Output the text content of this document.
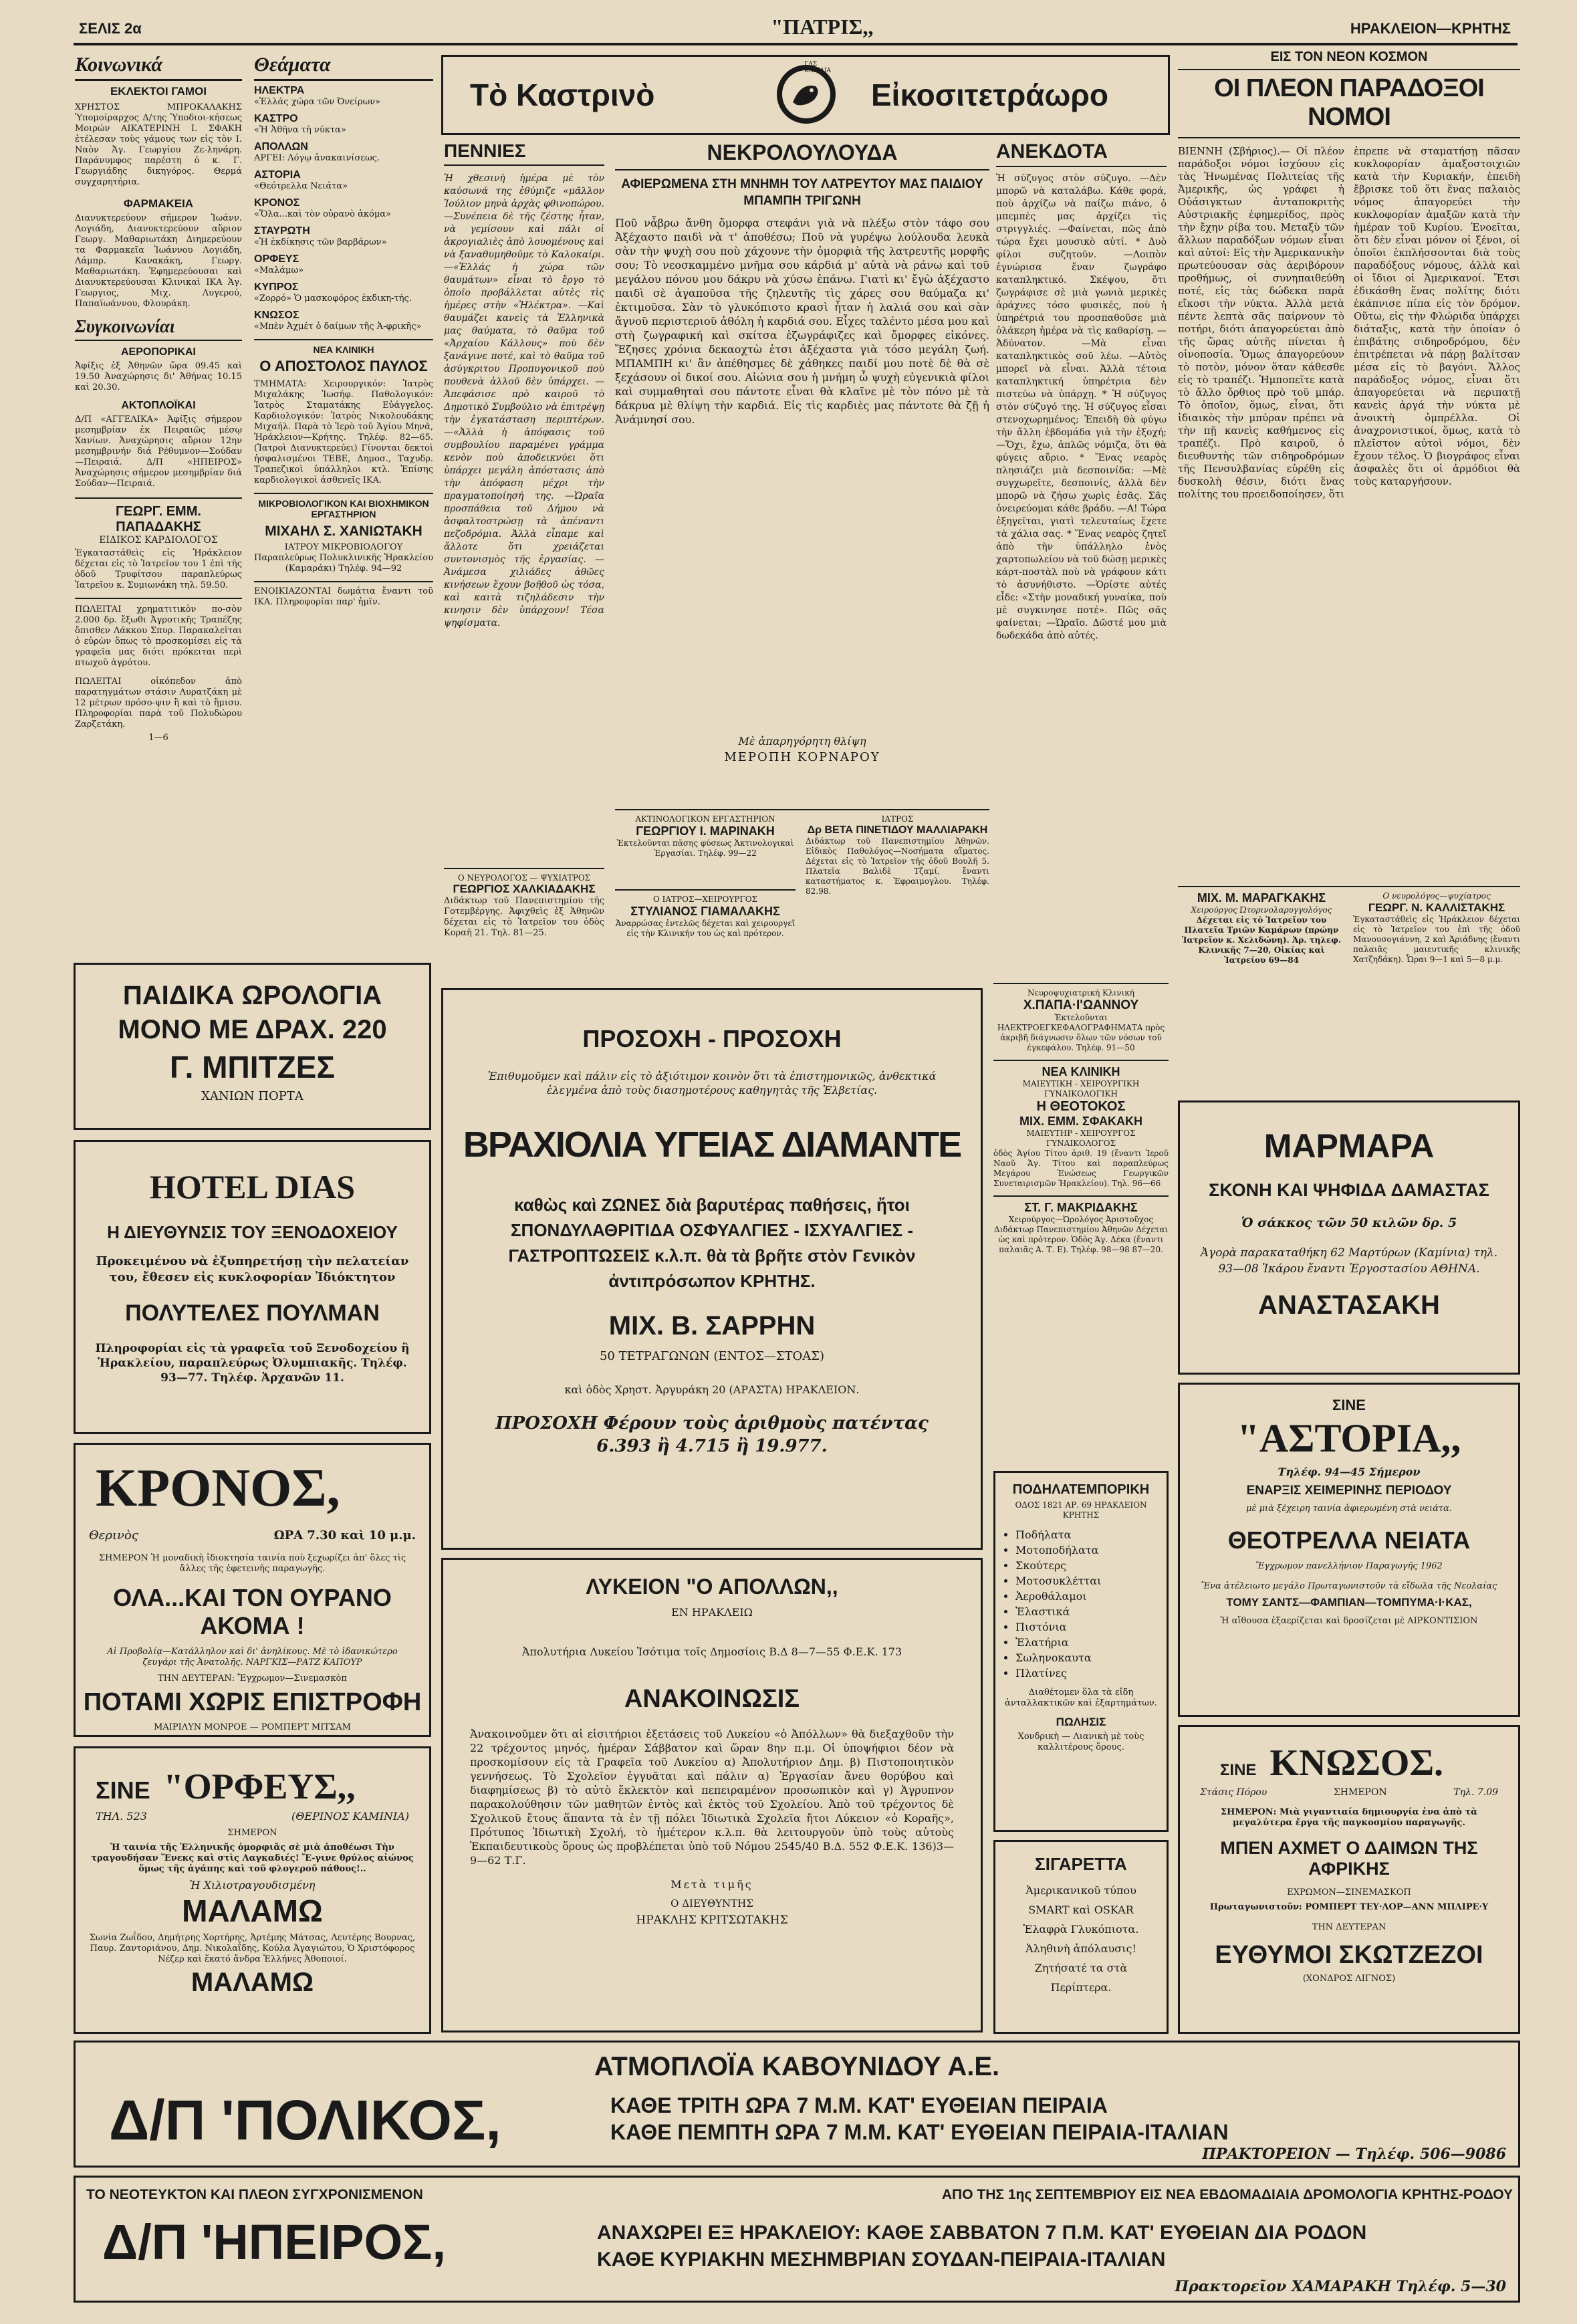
ΣΕΛΙΣ 2α	"ΠΑΤΡΙΣ,,	ΗΡΑΚΛΕΙΟΝ—ΚΡΗΤΗΣ
Κοινωνικά
ΕΚΛΕΚΤΟΙ ΓΑΜΟΙ
ΧΡΗΣΤΟΣ ΜΠΡΟΚΑΛΑΚΗΣ Ὑπομοίραρχος Δ/της Ὑποδιοι-κήσεως Μοιρών ΑΙΚΑΤΕΡΙΝΗ Ι. ΣΦΑΚΗ ἐτέλεσαν τοὺς γάμους των εἰς τὸν Ι. Ναὸν Ἁγ. Γεωργίου Ζε-ληνάρη. Παράνυμφος παρέστη ὁ κ. Γ. Γεωργιάδης δικηγόρος. Θερμά συγχαρητήρια.
ΦΑΡΜΑΚΕΙΑ
Διανυκτερεύουν σήμερον Ἰωάνν. Λογιάδη, Διανυκτερεύουν αὔριον Γεωργ. Μαθαριωτάκη Διημερεύουν τα Φαρμακεῖα Ἰωάννου Λογιάδη, Λάμπρ. Κανακάκη, Γεωργ. Μαθαριωτάκη. Ἐφημερεύουσαι καὶ Διανυκτερεύουσαι Κλινικαὶ ΙΚΑ Ἁγ. Γεωργιος, Μιχ. Λυγερού, Παπαϊωάννου, Φλουράκη.
Συγκοινωνίαι
ΑΕΡΟΠΟΡΙΚΑΙ
Ἀφίξις ἐξ Ἀθηνῶν ὥρα 09.45 καὶ 19.50 Ἀναχώρησις δι' Ἀθήνας 10.15 καὶ 20.30.
ΑΚΤΟΠΛΟΪΚΑΙ
Δ/Π «ΑΓΓΕΛΙΚΑ» Ἀφίξις σήμερον μεσημβρίαν ἐκ Πειραιῶς μέσῳ Χανίων. Ἀναχώρησις αὔριον 12ην μεσημβρινήν διά Ρέθυμνον—Σούδαν—Πειραιά. Δ/Π «ΗΠΕΙΡΟΣ» Ἀναχώρησις σήμερον μεσημβρίαν διά Σούδαν—Πειραιά.
ΓΕΩΡΓ. ΕΜΜ. ΠΑΠΑΔΑΚΗΣ
ΕΙΔΙΚΟΣ ΚΑΡΔΙΟΛΟΓΟΣ
Ἐγκαταστάθεὶς εἰς Ἡράκλειον δέχεται εἰς τὸ Ἰατρεῖον του 1 ἐπὶ τῆς ὁδοῦ Τρυφίτσου παραπλεύρως Ἰατρεῖου κ. Συμιωνάκη τηλ. 59.50.
ΠΩΛΕΙΤΑΙ χρηματιτικὸν πο-σὸν 2.000 δρ. ἔξωθι Ἀγροτικῆς Τραπέζης ὅπισθεν Λάκκου Σπυρ. Παρακαλεῖται ὁ εὑρὼν ὅπως τὸ προσκομίσει εἰς τὰ γραφεῖα μας διότι πρόκειται περὶ πτωχοῦ ἀγρότου.
ΠΩΛΕΙΤΑΙ οἰκόπεδον ἀπὸ παρατηγμάτων στάσιν Λυρατζάκη μὲ 12 μέτρων πρόσο-ψιν ἢ καὶ τὸ ἥμισυ. Πληροφορίαι παρὰ τοῦ Πολυδώρου Ζαρζετάκη.
1—6
Θεάματα
ΗΛΕΚΤΡΑ
«Ἐλλάς χώρα τῶν Ὀνείρων»
ΚΑΣΤΡΟ
«Ἡ Ἀθῆνα τὴ νύκτα»
ΑΠΟΛΛΩΝ
ΑΡΓΕΙ: Λόγῳ ἀνακαινίσεως.
ΑΣΤΟΡΙΑ
«Θεότρελλα Νειάτα»
ΚΡΟΝΟΣ
«Ὅλα...καὶ τὸν οὐρανὸ ἀκόμα»
ΣΤΑΥΡΩΤΗ
«Ἡ ἐκδίκησις τῶν βαρβάρων»
ΟΡΦΕΥΣ
«Μαλάμω»
ΚΥΠΡΟΣ
«Ζορρό» Ὁ μασκοφόρος ἐκδικη-τής.
ΚΝΩΣΟΣ
«Μπὲν Ἀχμέτ ὁ δαίμων τῆς Ἀ-φρικῆς»
ΝΕΑ ΚΛΙΝΙΚΗ
Ο ΑΠΟΣΤΟΛΟΣ ΠΑΥΛΟΣ
ΤΜΗΜΑΤΑ: Χειρουργικόν: Ἰατρὸς Μιχαλάκης Ἰωσήφ. Παθολογικόν: Ἰατρὸς Σταματάκης Εὐάγγελος. Καρδιολογικόν: Ἰατρὸς Νικολουδάκης Μιχαήλ. Παρὰ τὸ Ἱερὸ τοῦ Ἁγίου Μηνᾶ, Ἡράκλειον—Κρήτης. Τηλέφ. 82—65. (Ἰατροὶ Διανυκτερεύει) Γίνονται δεκτοὶ ἠσφαλισμένοι ΤΕΒΕ, Δημοσ., Ταχυδρ. Τραπεζικοὶ ὑπάλληλοι κτλ. Ἐπίσης καρδιολογικοὶ ἀσθενεῖς ΙΚΑ.
ΜΙΚΡΟΒΙΟΛΟΓΙΚΟΝ ΚΑΙ ΒΙΟΧΗΜΙΚΟΝ ΕΡΓΑΣΤΗΡΙΟΝ
ΜΙΧΑΗΛ Σ. ΧΑΝΙΩΤΑΚΗ
ΙΑΤΡΟΥ ΜΙΚΡΟΒΙΟΛΟΓΟΥ Παραπλεύρως Πολυκλινικῆς Ἡρακλείου (Καμαράκι) Τηλέφ. 94—92
ΕΝΟΙΚΙΑΖΟΝΤΑΙ δωμάτια ἔναντι τοῦ ΙΚΑ. Πληροφορίαι παρ' ἡμῖν.
Τὸ Καστρινὸ
ΓΑΣ ΚΛΕΙΔΙΑ
Εἰκοσιτετράωρο
ΠΕΝΝΙΕΣ
Ἡ χθεσινὴ ἡμέρα μὲ τὸν καύσωνά της ἐθύμιζε «μᾶλλον Ἰούλιον μηνὰ ἀρχὰς φθινοπώρου. —Συνέπεια δὲ τῆς ζέστης ἦταν, νὰ γεμίσουν καὶ πάλι οἱ ἀκρογιαλιὲς ἀπὸ λουομένους καὶ νὰ ξαναθυμηθοῦμε τὸ Καλοκαίρι. —«Ἑλλάς ἡ χώρα τῶν θαυμάτων» εἶναι τὸ ἔργο τὸ ὁποῖο προβάλλεται αὐτὲς τὶς ἡμέρες στὴν «Ἠλέκτρα». —Καὶ θαυμάζει κανεὶς τὰ Ἑλληνικὰ μας θαύματα, τὸ θαῦμα τοῦ «Ἀρχαίου Κάλλους» ποὺ δὲν ξανάγινε ποτέ, καὶ τὸ θαῦμα τοῦ ἀσύγκριτου Προπυγονικοῦ ποὺ πουθενὰ ἀλλοῦ δὲν ὑπάρχει. —Ἀπεφάσισε πρὸ καιροῦ τὸ Δημοτικὸ Συμβούλιο νὰ ἐπιτρέψῃ τὴν ἐγκατάσταση περιπτέρων. —«Ἀλλὰ ἡ ἀπόφασις τοῦ συμβουλίου παραμένει γράμμα κενὸν ποὺ ἀποδεικνύει ὅτι ὑπάρχει μεγάλη ἀπόστασις ἀπὸ τὴν ἀπόφαση μέχρι τὴν πραγματοποίησή της. —Ὡραῖα προσπάθεια τοῦ Δήμου νὰ ἀσφαλτοστρώσῃ τὰ ἀπέναντι πεζοδρόμια. Ἀλλὰ εἶπαμε καὶ ἄλλοτε ὅτι χρειάζεται συντονισμὸς τῆς ἐργασίας. —Ἀνάμεσα χιλιάδες ἀθῶες κινήσεων ἔχουν βοῆθοῦ ὡς τόσα, καὶ καιτὰ τιζηλάδεσιν τὴν κινησιν δὲν ὑπάρχουν! Τέσα ψηφίσματα.
Ο ΝΕΥΡΟΛΟΓΟΣ — ΨΥΧΙΑΤΡΟΣ
ΓΕΩΡΓΙΟΣ ΧΑΛΚΙΑΔΑΚΗΣ
Διδάκτωρ τοῦ Πανεπιστημίου τῆς Γοτεμβέργης. Ἀφιχθεὶς ἐξ Ἀθηνῶν δέχεται εἰς τὸ Ἰατρεῖον του ὁδὸς Κοραῆ 21. Τηλ. 81—25.
ΝΕΚΡΟΛΟΥΛΟΥΔΑ
ΑΦΙΕΡΩΜΕΝΑ ΣΤΗ ΜΝΗΜΗ ΤΟΥ ΛΑΤΡΕΥΤΟΥ ΜΑΣ ΠΑΙΔΙΟΥ ΜΠΑΜΠΗ ΤΡΙΓΩΝΗ
Ποῦ νἆβρω ἄνθη ὄμορφα στεφάνι γιὰ νὰ πλέξω στὸν τάφο σου Ἀξέχαστο παιδὶ νὰ τ' ἀποθέσω; Ποῦ νὰ γυρέψω λούλουδα λευκὰ σὰν τὴν ψυχὴ σου ποὺ χάχουνε τὴν ὀμορφιὰ τῆς λατρευτῆς μορφῆς σου; Τὸ νεοσκαμμένο μνῆμα σου κάρδιά μ' αὐτὰ νὰ ράνω καὶ τοῦ μεγάλου πόνου μου δάκρυ νὰ χύσω ἐπάνω. Γιατὶ κι' ἔγὼ ἀξέχαστο παιδὶ σὲ ἀγαποῦσα τῆς ζηλευτῆς τὶς χάρες σου θαύμαζα κι' ἐκτιμοῦσα. Σὰν τὸ γλυκόπιοτο κρασὶ ἦταν ἡ λαλιά σου καὶ σὰν ἄγνοῦ περιστεριοῦ ἀθόλη ἡ καρδιά σου. Εἶχες ταλέντο μέσα μου καὶ στὴ ζωγραφική καὶ σκίτσα ἐζωγράφιζες καὶ ὄμορφες εἰκόνες. Ἔζησες χρόνια δεκαοχτὼ ἐτσι ἀξέχαστα γιὰ τόσο μεγάλη ζωή. ΜΠΑΜΠΗ κι' ἂν ἀπέθησμες δὲ χάθηκες παιδί μου ποτὲ δὲ θὰ σὲ ξεχάσουν οἱ δικοί σου. Αἰώνια σου ἡ μνήμη ὦ ψυχὴ εὐγενικιὰ φίλοι καὶ συμμαθηταὶ σου πάντοτε εἶναι θὰ κλαῖνε μὲ τὸν πόνο μὲ τὰ δάκρυα μὲ θλίψη τὴν καρδιά. Εἰς τὶς καρδιὲς μας πάντοτε θὰ ζῇ ἡ Ἀνάμνησί σου.
Μὲ ἀπαρηγόρητη θλίψη
ΜΕΡΟΠΗ ΚΟΡΝΑΡΟΥ
ΑΚΤΙΝΟΛΟΓΙΚΟΝ ΕΡΓΑΣΤΗΡΙΟΝ
ΓΕΩΡΓΙΟΥ Ι. ΜΑΡΙΝΑΚΗ
Ἐκτελοῦνται πᾶσης φύσεως Ἀκτινολογικαὶ Ἐργασίαι. Τηλέφ. 99—22
ΙΑΤΡΟΣ
Δρ ΒΕΤΑ ΠΙΝΕΤΙΔΟΥ ΜΑΛΛΙΑΡΑΚΗ
Διδάκτωρ τοῦ Πανεπιστημίου Ἀθηνῶν. Εἰδικὸς Παθολόγος—Νοσήματα αἵματος. Δέχεται εἰς τὸ Ἰατρεῖον τῆς ὁδοῦ Βουλῆ 5. Πλατεῖα Βαλιδὲ Τζαμί, ἔναντι καταστήματος κ. Ἐφραιμογλου. Τηλέφ. 82.98.
Ο ΙΑΤΡΟΣ—ΧΕΙΡΟΥΡΓΟΣ
ΣΤΥΛΙΑΝΟΣ ΓΙΑΜΑΛΑΚΗΣ
Ἀναρρώσας ἐντελῶς δέχεται καὶ χειρουργεῖ εἰς τὴν Κλινικήν του ὡς καὶ πρότερον.
ΑΝΕΚΔΟΤΑ
Ἡ σύζυγος στὸν σύζυγο. —Δὲν μπορῶ νὰ καταλάβω. Κάθε φορά, ποὺ ἀρχίζω νὰ παίζω πιάνο, ὁ μπεμπὲς μας ἀρχίζει τὶς στριγγλιές. —Φαίνεται, πῶς ἀπὸ τώρα ἔχει μουσικὸ αὐτί. * Δυὸ φίλοι συζητοῦν. —Λοιπὸν ἐγνώρισα ἕναν ζωγράφο καταπληκτικό. Σκέψου, ὅτι ζωγράφισε σὲ μιὰ γωνιὰ μερικὲς ἀράχνες τόσο φυσικές, ποὺ ἡ ὑπηρέτριά του προσπαθοῦσε μιὰ ὁλάκερη ἡμέρα νὰ τὶς καθαρίσῃ. —Ἀδύνατον. —Μὰ εἶναι καταπληκτικὸς σοῦ λέω. —Αὐτὸς μπορεῖ νὰ εἶναι. Ἀλλὰ τέτοια καταπληκτική ὑπηρέτρια δὲν πιστεύω νὰ ὑπάρχῃ. * Ἡ σύζυγος στὸν σύζυγό της. Ἡ σύζυγος εἶσαι στενοχωρημένος; Ἐπειδὴ θὰ φύγω τὴν ἄλλη ἑβδομάδα γιὰ τὴν ἐξοχή; —Ὄχι, ἔχω, ἁπλῶς νόμιζα, ὅτι θὰ φύγεις αὔριο. * Ἕνας νεαρὸς πλησιάζει μιὰ δεσποινίδα: —Μὲ συγχωρεῖτε, δεσποινίς, ἀλλὰ δὲν μπορῶ νὰ ζήσω χωρὶς ἐσᾶς. Σᾶς ὀνειρεύομαι κάθε βράδυ. —Α! Τώρα ἐξηγεῖται, γιατὶ τελευταίως ἔχετε τὰ χάλια σας. * Ἕνας νεαρὸς ζητεῖ ἀπὸ τὴν ὑπάλληλο ἑνὸς χαρτοπωλείου νὰ τοῦ δώσῃ μερικὲς κάρτ-ποστὰλ ποὺ νὰ γράφουν κάτι τὸ ἀσυνήθιστο. —Ὁρίστε αὐτές εἶδε: «Στὴν μοναδική γυναίκα, ποὺ μὲ συγκινησε ποτέ». Πῶς σᾶς φαίνεται; —Ὡραῖο. Δῶστέ μου μιὰ δωδεκάδα ἀπὸ αὐτές.
ΕΙΣ ΤΟΝ ΝΕΟΝ ΚΟΣΜΟΝ
ΟΙ ΠΛΕΟΝ ΠΑΡΑΔΟΞΟΙ ΝΟΜΟΙ
ΒΙΕΝΝΗ (Σβήριος).— Οἱ πλέον παράδοξοι νόμοι ἰσχύουν εἰς τὰς Ἡνωμένας Πολιτείας τῆς Ἀμερικῆς, ὡς γράφει ἡ Οὐάσιγκτων ἀνταποκριτὴς Αὐστριακῆς ἐφημερίδος, πρὸς τὴν ἔχην ρίβα του. Μεταξὺ τῶν ἄλλων παραδόξων νόμων εἶναι καὶ αὐτοί: Εἰς τὴν Ἀμερικανικὴν πρωτεύουσαν σὰς ἀεριβόρουν προθήμως, οἱ συνηπαιθεύθη ποτέ, εἰς τὰς δώδεκα παρὰ εἴκοσι τὴν νύκτα. Ἀλλὰ μετὰ πέντε λεπτὰ σᾶς παίρνουν τὸ ποτήρι, διότι ἀπαγορεύεται ἀπὸ τῆς ὥρας αὐτῆς πίνεται ἡ οἰνοποσία. Ὅμως ἀπαγορεύουν τὸ ποτὸν, μόνον ὅταν κάθεσθε εἰς τὸ τραπέζι. Ἡμποπεῖτε κατὰ τὸ ἄλλο ὄρθιος πρὸ τοῦ μπάρ. Τὸ ὁποῖον, ὅμως, εἶναι, ὅτι ἰδιαικὸς τὴν μπύραν πρέπει νὰ τὴν πῇ κανεὶς καθήμενος εἰς τραπέζι. Πρὸ καιροῦ, ὁ διευθυντὴς τῶν σιδηροδρόμων τῆς Πενσυλβανίας εὑρέθη εἰς δυσκολὴ θέσιν, διότι ἕνας πολίτης του προειδοποίησεν, ὅτι ἐπρεπε νὰ σταματήσῃ πᾶσαν κυκλοφορίαν ἁμαξοστοιχιῶν κατὰ τὴν Κυριακήν, ἐπειδὴ ἔβρισκε τοῦ ὅτι ἕνας παλαιὸς νόμος ἀπαγορεύει τὴν κυκλοφορίαν ἁμαξῶν κατὰ τὴν ἡμέραν τοῦ Κυρίου. Ἐνοεῖται, ὅτι δὲν εἶναι μόνον οἱ ξένοι, οἱ ὁποῖοι ἐκπλήσσονται διὰ τοὺς παραδόξους νόμους, ἀλλὰ καὶ οἱ ἴδιοι οἱ Ἀμερικανοί. Ἔτσι ἐδικάσθη ἕνας πολίτης διότι ἐκάπνισε πίπα εἰς τὸν δρόμον. Οὕτω, εἰς τὴν Φλώριδα ὑπάρχει διάταξις, κατὰ τὴν ὁποίαν ὁ ἐπιβάτης σιδηροδρόμου, δὲν ἐπιτρέπεται νὰ πάρῃ βαλίτσαν μέσα εἰς τὸ βαγόνι. Ἄλλος παράδοξος νόμος, εἶναι ὅτι ἀπαγορεύεται νὰ περιπατῇ κανεὶς ἀργά τὴν νύκτα μὲ ἀνοικτὴ ὀμπρέλλα. Οἱ ἀναχρονιστικοί, ὅμως, κατὰ τὸ πλεῖστον αὐτοὶ νόμοι, δὲν ἔχουν τέλος. Ὁ βιογράφος εἶναι ἀσφαλὲς ὅτι οἱ ἁρμόδιοι θὰ τοὺς καταργήσουν.
ΜΙΧ. Μ. ΜΑΡΑΓΚΑΚΗΣ
Χειρούργος Ὠτορινολαρυγγολόγος
Δέχεται εἰς τὸ Ἰατρεῖον του Πλατεῖα Τριῶν Καμάρων (πρώην Ἰατρεῖον κ. Χελιδώνη). Ἀρ. τηλεφ. Κλινικῆς 7—20, Οἰκίας καὶ Ἰατρείου 69—84
Ο νευρολόγος—ψυχίατρος
ΓΕΩΡΓ. Ν. ΚΑΛΛΙΣΤΑΚΗΣ
Ἐγκαταστάθεὶς εἰς Ἡράκλειον δέχεται εἰς τὸ Ἰατρεῖον του ἐπὶ τῆς ὁδοῦ Μανουσογιάννη, 2 καὶ Ἀριάδνης (ἔναντι παλαιᾶς μαιευτικῆς κλινικῆς Χατζηδάκη). Ὧραι 9—1 καὶ 5—8 μ.μ.
ΠΑΙΔΙΚΑ ΩΡΟΛΟΓΙΑ
ΜΟΝΟ ΜΕ ΔΡΑΧ. 220
Γ. ΜΠΙΤΖΕΣ
ΧΑΝΙΩΝ ΠΟΡΤΑ
HOTEL DIAS
Η ΔΙΕΥΘΥΝΣΙΣ ΤΟΥ ΞΕΝΟΔΟΧΕΙΟΥ
Προκειμένου νὰ ἐξυπηρετήσῃ τὴν πελατείαν του, ἔθεσεν εἰς κυκλοφορίαν Ἰδιόκτητον
ΠΟΛΥΤΕΛΕΣ ΠΟΥΛΜΑΝ
Πληροφορίαι εἰς τὰ γραφεῖα τοῦ Ξενοδοχείου ἢ Ἡρακλείου, παραπλεύρως Ὀλυμπιακῆς. Τηλέφ. 93—77. Τηλέφ. Ἀρχανῶν 11.
ΚΡΟΝΟΣ,
Θερινὸς	ΩΡΑ 7.30 καὶ 10 μ.μ.
ΣΗΜΕΡΟΝ Ἡ μοναδικὴ ἰδιοκτησία ταινία ποὺ ξεχωρίζει ἀπ' ὅλες τὶς ἄλλες τῆς ἑφετεινῆς παραγωγῆς.
ΟΛΑ...ΚΑΙ ΤΟΝ ΟΥΡΑΝΟ ΑΚΟΜΑ !
Αἱ Προβολίᾳ—Κατάλληλον καὶ δι' ἀνηλίκους. Μὲ τὸ ἰδανικώτερο ζευγάρι τῆς Ἀνατολῆς. ΝΑΡΓΚΙΣ—ΡΑΤΖ ΚΑΠΟΥΡ
ΤΗΝ ΔΕΥΤΕΡΑΝ: Ἔγχρωμον—Σινεμασκὸπ
ΠΟΤΑΜΙ ΧΩΡΙΣ ΕΠΙΣΤΡΟΦΗ
ΜΑΙΡΙΛΥΝ ΜΟΝΡΟΕ — ΡΟΜΠΕΡΤ ΜΙΤΣΑΜ
ΣΙΝΕ "ΟΡΦΕΥΣ,,
ΤΗΛ. 523	(ΘΕΡΙΝΟΣ ΚΑΜΙΝΙΑ)
ΣΗΜΕΡΟΝ
Ἡ ταινία τῆς Ἑλληνικῆς ὀμορφιᾶς σὲ μιὰ ἀποθέωσι Τὴν τραγουδήσαν Ἕνεκς καὶ στὶς Λαγκαδιές! Ἔ-γινε θρύλος αἰώνος ὅμως τῆς ἀγάπης καὶ τοῦ φλογεροῦ πάθους!..
Ἡ Χιλιοτραγουδισμένη
ΜΑΛΑΜΩ
Σωνία Ζωΐδου, Δημήτρης Χορτήρης, Ἀρτέμης Μάτσας, Λευτέρης Βουρνας, Παυρ. Ζαντοριάνου, Δημ. Νικολαΐδης, Κούλα Ἀγαγιώτου, Ὁ Χριστόφορος Νέζερ καὶ ἕκατό ἄνδρα Ἑλλήνες Ἀθοποιοί.
ΜΑΛΑΜΩ
ΠΡΟΣΟΧΗ - ΠΡΟΣΟΧΗ
Ἐπιθυμοῦμεν καὶ πάλιν εἰς τὸ ἀξιότιμον κοινὸν ὅτι τὰ ἐπιστημονικῶς, ἀνθεκτικά ἐλεγμένα ἀπὸ τοὺς διασημοτέρους καθηγητὰς τῆς Ἑλβετίας.
ΒΡΑΧΙΟΛΙΑ ΥΓΕΙΑΣ ΔΙΑΜΑΝΤΕ
καθὼς καὶ ΖΩΝΕΣ διὰ βαρυτέρας παθήσεις, ἤτοι ΣΠΟΝΔΥΛΑΘΡΙΤΙΔΑ ΟΣΦΥΑΛΓΙΕΣ - ΙΣΧΥΑΛΓΙΕΣ - ΓΑΣΤΡΟΠΤΩΣΕΙΣ κ.λ.π. θὰ τὰ βρῆτε στὸν Γενικὸν ἀντιπρόσωπον ΚΡΗΤΗΣ.
ΜΙΧ. Β. ΣΑΡΡΗΝ
50 ΤΕΤΡΑΓΩΝΩΝ (ΕΝΤΟΣ—ΣΤΟΑΣ)
καὶ ὁδὸς Χρηστ. Ἀργυράκη 20 (ΑΡΑΣΤΑ) ΗΡΑΚΛΕΙΟΝ.
ΠΡΟΣΟΧΗ Φέρουν τοὺς ἀριθμοὺς πατέντας 6.393 ἢ 4.715 ἢ 19.977.
ΛΥΚΕΙΟΝ "Ο ΑΠΟΛΛΩΝ,,
ΕΝ ΗΡΑΚΛΕΙΩ
Ἀπολυτήρια Λυκείου Ἰσότιμα τοῖς Δημοσίοις Β.Δ 8—7—55 Φ.Ε.Κ. 173
ΑΝΑΚΟΙΝΩΣΙΣ
Ἀνακοινοῦμεν ὅτι αἱ εἰσιτήριοι ἐξετάσεις τοῦ Λυκείου «ὁ Ἀπόλλων» θὰ διεξαχθοῦν τὴν 22 τρέχοντος μηνός, ἡμέραν Σάββατον καὶ ὥραν 8ην π.μ. Οἱ ὑποψήφιοι δέον νὰ προσκομίσουν εἰς τὰ Γραφεῖα τοῦ Λυκείου α) Ἀπολυτήριον Δημ. β) Πιστοποιητικὸν γεννήσεως. Τὸ Σχολεῖον ἐγγυᾶται καὶ πάλιν α) Ἐργασίαν ἄνευ θορύβου καὶ διαφημίσεως β) τὸ αὐτὸ ἔκλεκτὸν καὶ πεπειραμένον προσωπικὸν καὶ γ) Ἀγρυπνον παρακολούθησιν τῶν μαθητῶν ἐντὸς καὶ ἐκτὸς τοῦ Σχολείου. Ἀπὸ τοῦ τρέχοντος δὲ Σχολικοῦ ἔτους ἅπαντα τὰ ἐν τῇ πόλει Ἰδιωτικὰ Σχολεῖα ἤτοι Λύκειον «ὁ Κοραῆς», Πρότυπος Ἰδιωτικὴ Σχολή, τὸ ἡμέτερον κ.λ.π. θὰ λειτουργοῦν ὑπὸ τοὺς αὐτοὺς Ἐκπαιδευτικοὺς ὅρους ὡς προβλέπεται ὑπὸ τοῦ Νόμου 2545/40 Β.Δ. 552 Φ.Ε.Κ. 136)3—9—62 Τ.Γ.
Μετὰ τιμῆς
Ο ΔΙΕΥΘΥΝΤΗΣ
ΗΡΑΚΛΗΣ ΚΡΙΤΣΩΤΑΚΗΣ
Νευροψυχιατρική Κλινική
Χ.ΠΑΠΑ·Ι'ΩΑΝΝΟΥ
Ἐκτελοῦνται ΗΛΕΚΤΡΟΕΓΚΕΦΑΛΟΓΡΑΦΗΜΑΤΑ πρὸς ἀκριβῆ διάγνωσιν ὅλων τῶν νόσων τοῦ ἐγκεφάλου. Τηλέφ. 91—50
ΝΕΑ ΚΛΙΝΙΚΗ
ΜΑΙΕΥΤΙΚΗ - ΧΕΙΡΟΥΡΓΙΚΗ ΓΥΝΑΙΚΟΛΟΓΙΚΗ
Η ΘΕΟΤΟΚΟΣ
ΜΙΧ. ΕΜΜ. ΣΦΑΚΑΚΗ
ΜΑΙΕΥΤΗΡ - ΧΕΙΡΟΥΡΓΟΣ ΓΥΝΑΙΚΟΛΟΓΟΣ
ὁδὸς Ἁγίου Τίτου ἀριθ. 19 (ἔναντι Ἱεροῦ Ναοῦ Ἁγ. Τίτου καὶ παραπλεύρως Μεγάρου Ἑνώσεως Γεωργικῶν Συνεταιρισμῶν Ἡρακλείου). Τηλ. 96—66
ΣΤ. Γ. ΜΑΚΡΙΔΑΚΗΣ
Χειρούργος—Ὠρολόγος Ἀριστοῦχος Διδάκτωρ Πανεπιστημίου Ἀθηνῶν Δέχεται ὡς καὶ πρότερον. Ὁδὸς Ἁγ. Δέκα (ἔναντι παλαιᾶς Α. Τ. Ε). Τηλέφ. 98—98 87—20.
ΠΟΔΗΛΑΤΕΜΠΟΡΙΚΗ
ΟΔΟΣ 1821 ΑΡ. 69 ΗΡΑΚΛΕΙΟΝ ΚΡΗΤΗΣ
• Ποδήλατα
• Μοτοποδήλατα
• Σκούτερς
• Μοτοσυκλέτται
• Ἀεροθάλαμοι
• Ἐλαστικά
• Πιστόνια
• Ἐλατήρια
• Σωληνοκαυτα
• Πλατίνες
Διαθέτομεν ὅλα τὰ εἴδη ἀνταλλακτικῶν καὶ ἐξαρτημάτων.
ΠΩΛΗΣΙΣ
Χονδρικὴ — Λιανικὴ μὲ τοὺς καλλιτέρους ὅρους.
ΣΙΓΑΡΕΤΤΑ
Ἀμερικανικοῦ τύπου
SMART καὶ OSKAR
Ἐλαφρὰ Γλυκόπιοτα.
Ἀληθινὴ ἀπόλαυσις!
Ζητήσατέ τα στὰ
Περίπτερα.
ΜΑΡΜΑΡΑ
ΣΚΟΝΗ ΚΑΙ ΨΗΦΙΔΑ ΔΑΜΑΣΤΑΣ
Ὁ σάκκος τῶν 50 κιλῶν δρ. 5
Ἀγορὰ παρακαταθήκη 62 Μαρτύρων (Καμίνια) τηλ. 93—08 Ἰκάρου ἔναντι Ἐργοστασίου ΑΘΗΝΑ.
ΑΝΑΣΤΑΣΑΚΗ
ΣΙΝΕ
"ΑΣΤΟΡΙΑ,,
Τηλέφ. 94—45 Σήμερον
ΕΝΑΡΞΙΣ ΧΕΙΜΕΡΙΝΗΣ ΠΕΡΙΟΔΟΥ
μὲ μιὰ ξέχειρη ταινία ἀφιερωμένη στὰ νειάτα.
ΘΕΟΤΡΕΛΛΑ ΝΕΙΑΤΑ
Ἔγχρωμον πανελλήνιον Παραγωγῆς 1962
Ἕνα ἀτέλειωτο μεγάλο Πρωταγωνιστοῦν τὰ εἴδωλα τῆς Νεολαίας
ΤΟΜΥ ΣΑΝΤΣ—ΦΑΜΠΙΑΝ—ΤΟΜΠΥΜΑ·Ι·ΚΑΣ,
Ἡ αἴθουσα ἐξαερίζεται καὶ δροσίζεται μὲ ΑΙΡΚΟΝΤΙΣΙΟΝ
ΣΙΝΕ ΚΝΩΣΟΣ.
Στάσις Πόρου	ΣΗΜΕΡΟΝ	Τηλ. 7.09
ΣΗΜΕΡΟΝ: Μιὰ γιγαντιαία δημιουργία ἐνα ἀπὸ τὰ μεγαλύτερα ἔργα τῆς παγκοσμίου παραγωγῆς.
ΜΠΕΝ ΑΧΜΕΤ Ο ΔΑΙΜΩΝ ΤΗΣ ΑΦΡΙΚΗΣ
ΕΧΡΩΜΟΝ—ΣΙΝΕΜΑΣΚΟΠ
Πρωταγωνιστοῦν: ΡΟΜΠΕΡΤ ΤΕΥ·ΛΟΡ—ΑΝΝ ΜΠΛΙΡΕ·Υ
ΤΗΝ ΔΕΥΤΕΡΑΝ
ΕΥΘΥΜΟΙ ΣΚΩΤΖΕΖΟΙ
(ΧΟΝΔΡΟΣ ΛΙΓΝΟΣ)
ΑΤΜΟΠΛΟΪΑ ΚΑΒΟΥΝΙΔΟΥ Α.Ε.
Δ/Π 'ΠΟΛΙΚΟΣ,	ΚΑΘΕ ΤΡΙΤΗ ΩΡΑ 7 Μ.Μ. ΚΑΤ' ΕΥΘΕΙΑΝ ΠΕΙΡΑΙΑ
ΚΑΘΕ ΠΕΜΠΤΗ ΩΡΑ 7 Μ.Μ. ΚΑΤ' ΕΥΘΕΙΑΝ ΠΕΙΡΑΙΑ-ΙΤΑΛΙΑΝ
ΠΡΑΚΤΟΡΕΙΟΝ — Τηλέφ. 506—9086
ΤΟ ΝΕΟΤΕΥΚΤΟΝ ΚΑΙ ΠΛΕΟΝ ΣΥΓΧΡΟΝΙΣΜΕΝΟΝ	ΑΠΟ ΤΗΣ 1ης ΣΕΠΤΕΜΒΡΙΟΥ ΕΙΣ ΝΕΑ ΕΒΔΟΜΑΔΙΑΙΑ ΔΡΟΜΟΛΟΓΙΑ ΚΡΗΤΗΣ-ΡΟΔΟΥ
Δ/Π 'ΗΠΕΙΡΟΣ,	ΑΝΑΧΩΡΕΙ ΕΞ ΗΡΑΚΛΕΙΟΥ: ΚΑΘΕ ΣΑΒΒΑΤΟΝ 7 Π.Μ. ΚΑΤ' ΕΥΘΕΙΑΝ ΔΙΑ ΡΟΔΟΝ
ΚΑΘΕ ΚΥΡΙΑΚΗΝ ΜΕΣΗΜΒΡΙΑΝ ΣΟΥΔΑΝ-ΠΕΙΡΑΙΑ-ΙΤΑΛΙΑΝ
Πρακτορεῖον ΧΑΜΑΡΑΚΗ Τηλέφ. 5—30
